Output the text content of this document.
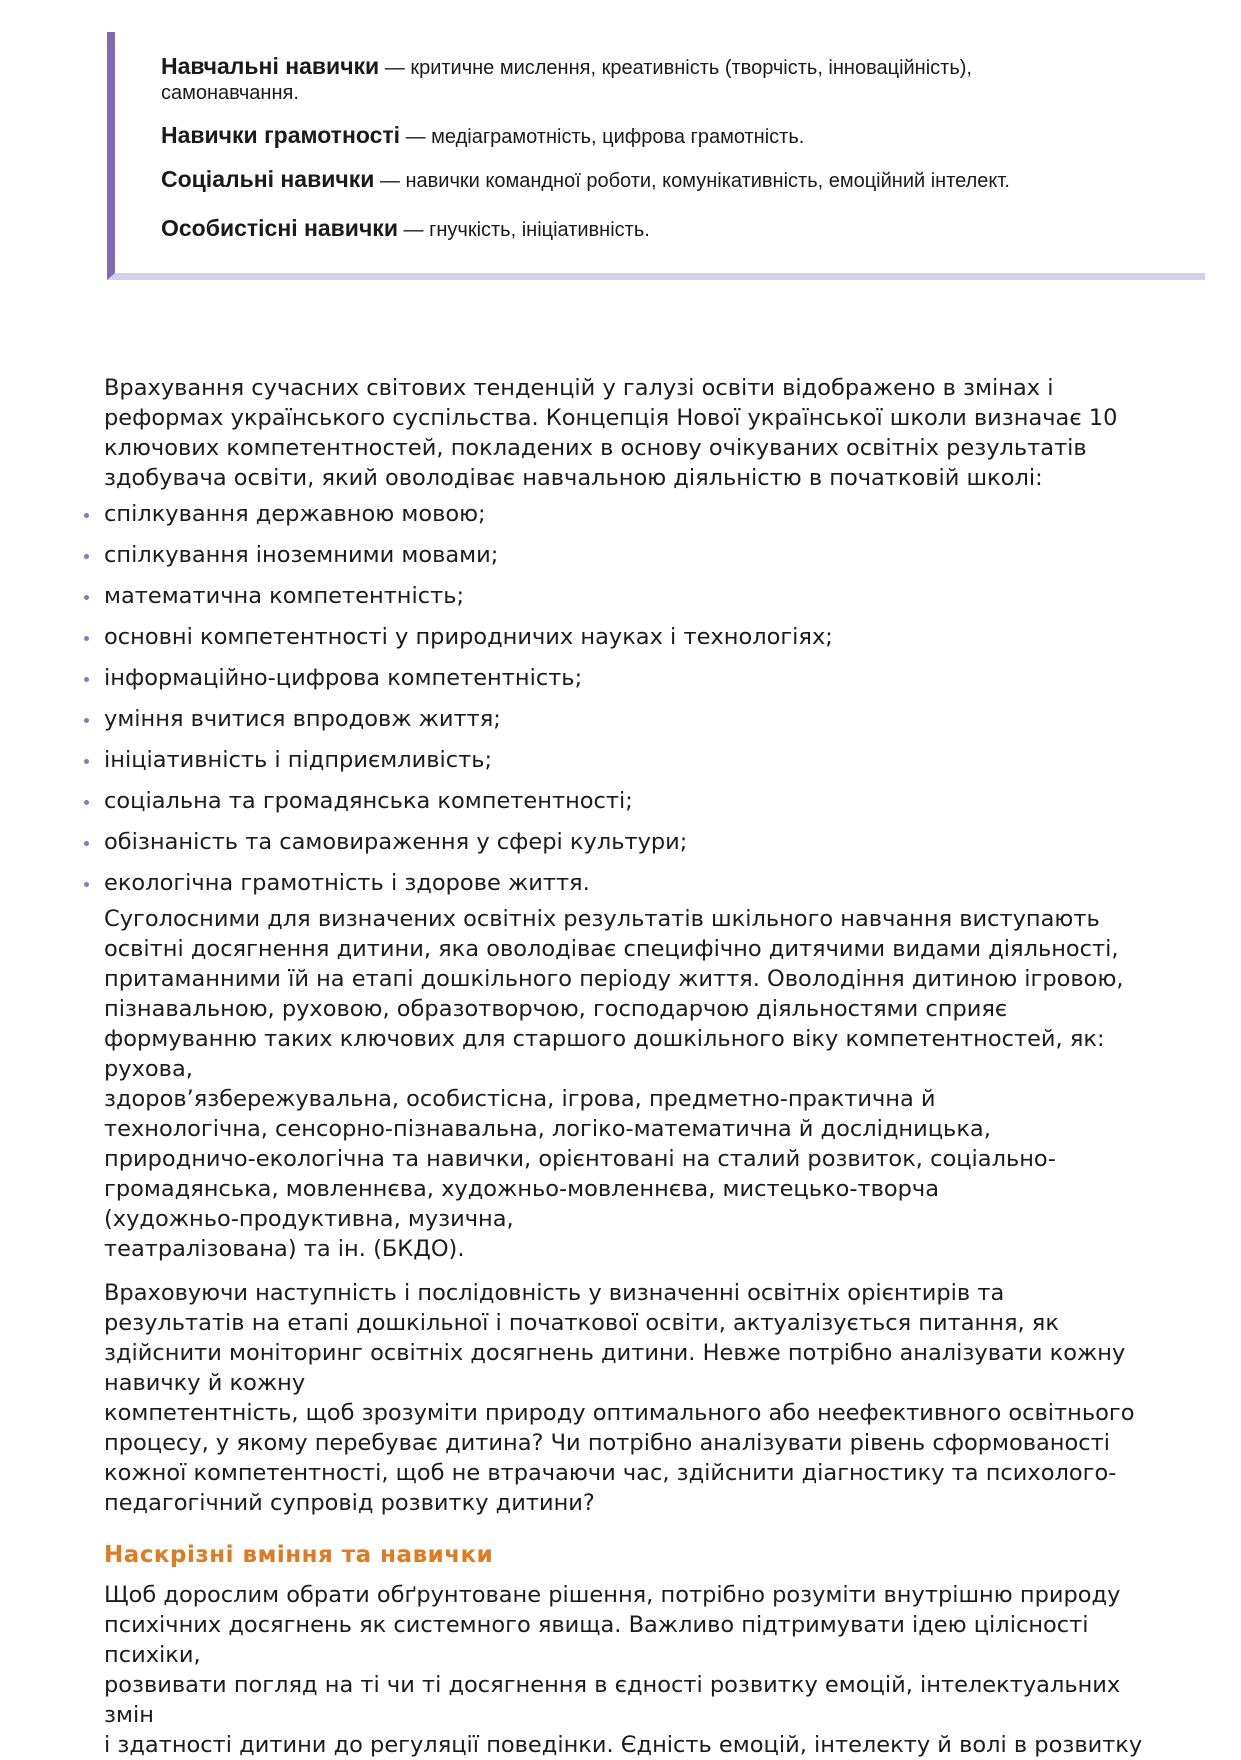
Навчальні навички — критичне мислення, креативність (творчість, інноваційність),
самонавчання.

Навички грамотності — медіаграмотність, цифрова грамотність.

Соціальні навички — навички командної роботи, комунікативність, емоційний інтелект.

Особистісні навички — гнучкість, ініціативність.

Врахування сучасних світових тенденцій у галузі освіти відображено в змінах і
реформах українського суспільства. Концепція Нової української школи визначає 10
ключових компетентностей, покладених в основу очікуваних освітніх результатів
здобувача освіти, який оволодіває навчальною діяльністю в початковій школі:

спілкування державною мовою;
спілкування іноземними мовами;
математична компетентність;
основні компетентності у природничих науках і технологіях;
інформаційно-цифрова компетентність;
уміння вчитися впродовж життя;
ініціативність і підприємливість;
соціальна та громадянська компетентності;
обізнаність та самовираження у сфері культури;
екологічна грамотність і здорове життя.

Суголосними для визначених освітніх результатів шкільного навчання виступають
освітні досягнення дитини, яка оволодіває специфічно дитячими видами діяльності,
притаманними їй на етапі дошкільного періоду життя. Оволодіння дитиною ігровою,
пізнавальною, руховою, образотворчою, господарчою діяльностями сприяє
формуванню таких ключових для старшого дошкільного віку компетентностей, як:
рухова,
здоров’язбережувальна, особистісна, ігрова, предметно-практична й
технологічна, сенсорно-пізнавальна, логіко-математична й дослідницька,
природничо-екологічна та навички, орієнтовані на сталий розвиток, соціально-
громадянська, мовленнєва, художньо-мовленнєва, мистецько-творча
(художньо-продуктивна, музична,
театралізована) та ін. (БКДО).

Враховуючи наступність і послідовність у визначенні освітніх орієнтирів та
результатів на етапі дошкільної і початкової освіти, актуалізується питання, як
здійснити моніторинг освітніх досягнень дитини. Невже потрібно аналізувати кожну
навичку й кожну
компетентність, щоб зрозуміти природу оптимального або неефективного освітнього
процесу, у якому перебуває дитина? Чи потрібно аналізувати рівень сформованості
кожної компетентності, щоб не втрачаючи час, здійснити діагностику та психолого-
педагогічний супровід розвитку дитини?

Наскрізні вміння та навички

Щоб дорослим обрати обґрунтоване рішення, потрібно розуміти внутрішню природу
психічних досягнень як системного явища. Важливо підтримувати ідею цілісності психіки,
розвивати погляд на ті чи ті досягнення в єдності розвитку емоцій, інтелектуальних
змін
і здатності дитини до регуляції поведінки. Єдність емоцій, інтелекту й волі в розвитку
